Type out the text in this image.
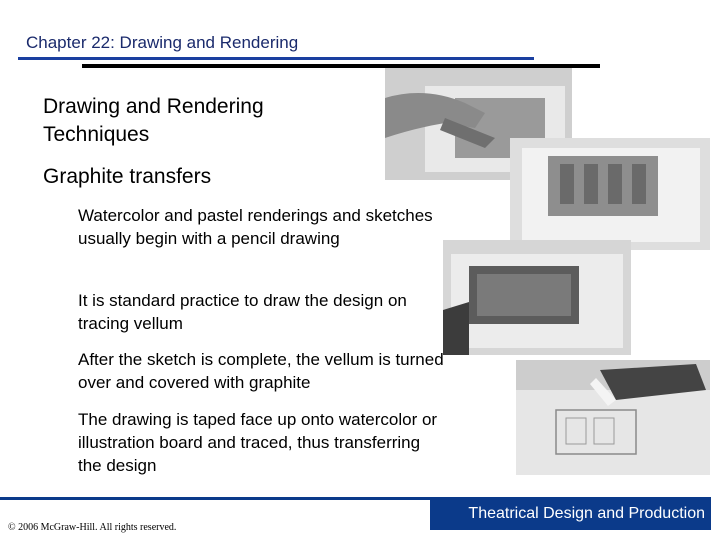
Chapter 22: Drawing and Rendering
Drawing and Rendering Techniques
Graphite transfers
Watercolor and pastel renderings and sketches usually begin with a pencil drawing
It is standard practice to draw the design on tracing vellum
After the sketch is complete, the vellum is turned over and covered with graphite
The drawing is taped face up onto watercolor or illustration board and traced, thus transferring the design
Theatrical Design and Production
© 2006 McGraw-Hill. All rights reserved.
